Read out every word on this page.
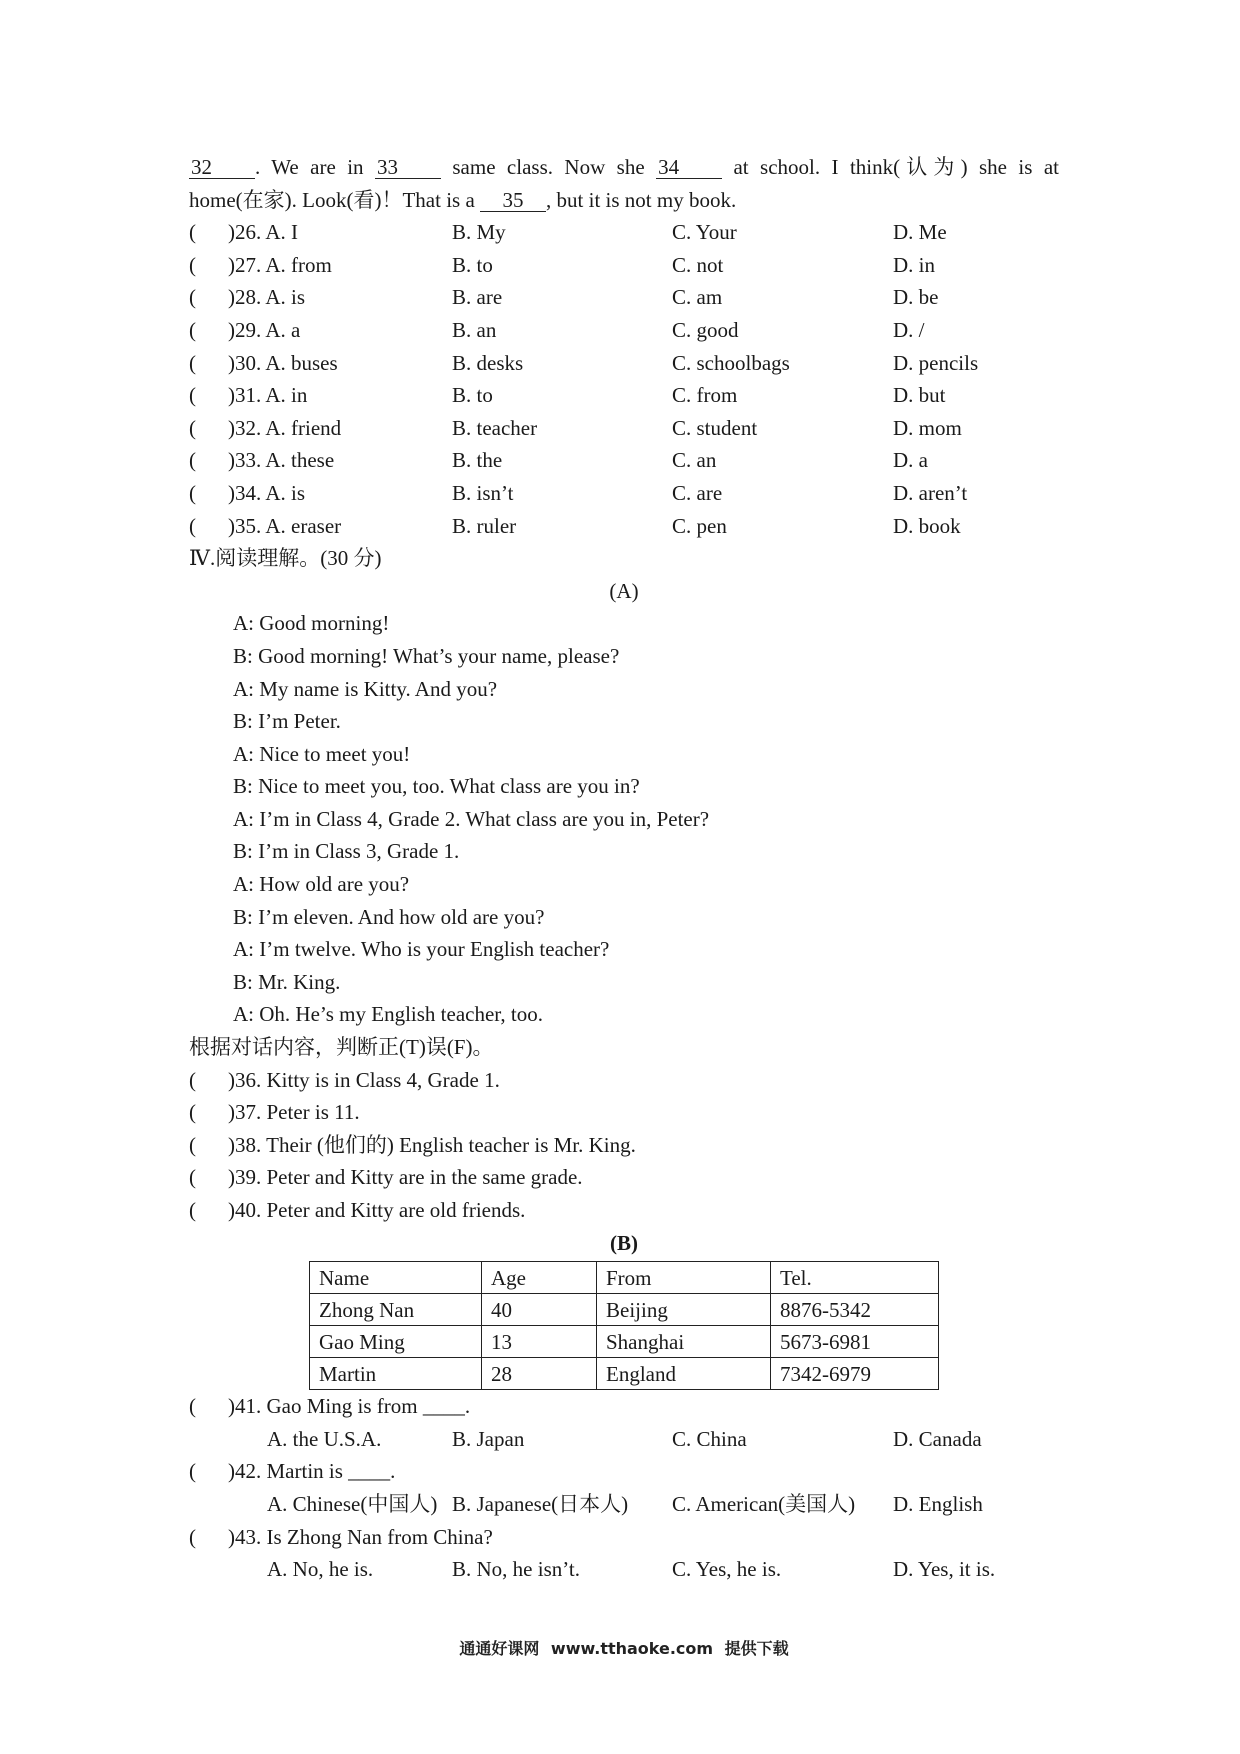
32 . We are in 33 same class. Now she 34 at school. I think(认为) she is at
home(在家). Look(看)！That is a 35 , but it is not my book.
( )26. A. I	B. My	C. Your	D. Me
( )27. A. from	B. to	C. not	D. in
( )28. A. is	B. are	C. am	D. be
( )29. A. a	B. an	C. good	D. /
( )30. A. buses	B. desks	C. schoolbags	D. pencils
( )31. A. in	B. to	C. from	D. but
( )32. A. friend	B. teacher	C. student	D. mom
( )33. A. these	B. the	C. an	D. a
( )34. A. is	B. isn’t	C. are	D. aren’t
( )35. A. eraser	B. ruler	C. pen	D. book
Ⅳ.阅读理解。(30 分)
(A)
A: Good morning!
B: Good morning! What’s your name, please?
A: My name is Kitty. And you?
B: I’m Peter.
A: Nice to meet you!
B: Nice to meet you, too. What class are you in?
A: I’m in Class 4, Grade 2. What class are you in, Peter?
B: I’m in Class 3, Grade 1.
A: How old are you?
B: I’m eleven. And how old are you?
A: I’m twelve. Who is your English teacher?
B: Mr. King.
A: Oh. He’s my English teacher, too.
根据对话内容，判断正(T)误(F)。
( )36. Kitty is in Class 4, Grade 1.
( )37. Peter is 11.
( )38. Their (他们的) English teacher is Mr. King.
( )39. Peter and Kitty are in the same grade.
( )40. Peter and Kitty are old friends.
(B)
Name	Age	From	Tel.
Zhong Nan	40	Beijing	8876-5342
Gao Ming	13	Shanghai	5673-6981
Martin	28	England	7342-6979
( )41. Gao Ming is from ____.
A. the U.S.A.	B. Japan	C. China	D. Canada
( )42. Martin is ____.
A. Chinese(中国人) B. Japanese(日本人) C. American(美国人) D. English
( )43. Is Zhong Nan from China?
A. No, he is.	B. No, he isn’t.	C. Yes, he is.	D. Yes, it is.
通通好课网 www.tthaoke.com 提供下载
